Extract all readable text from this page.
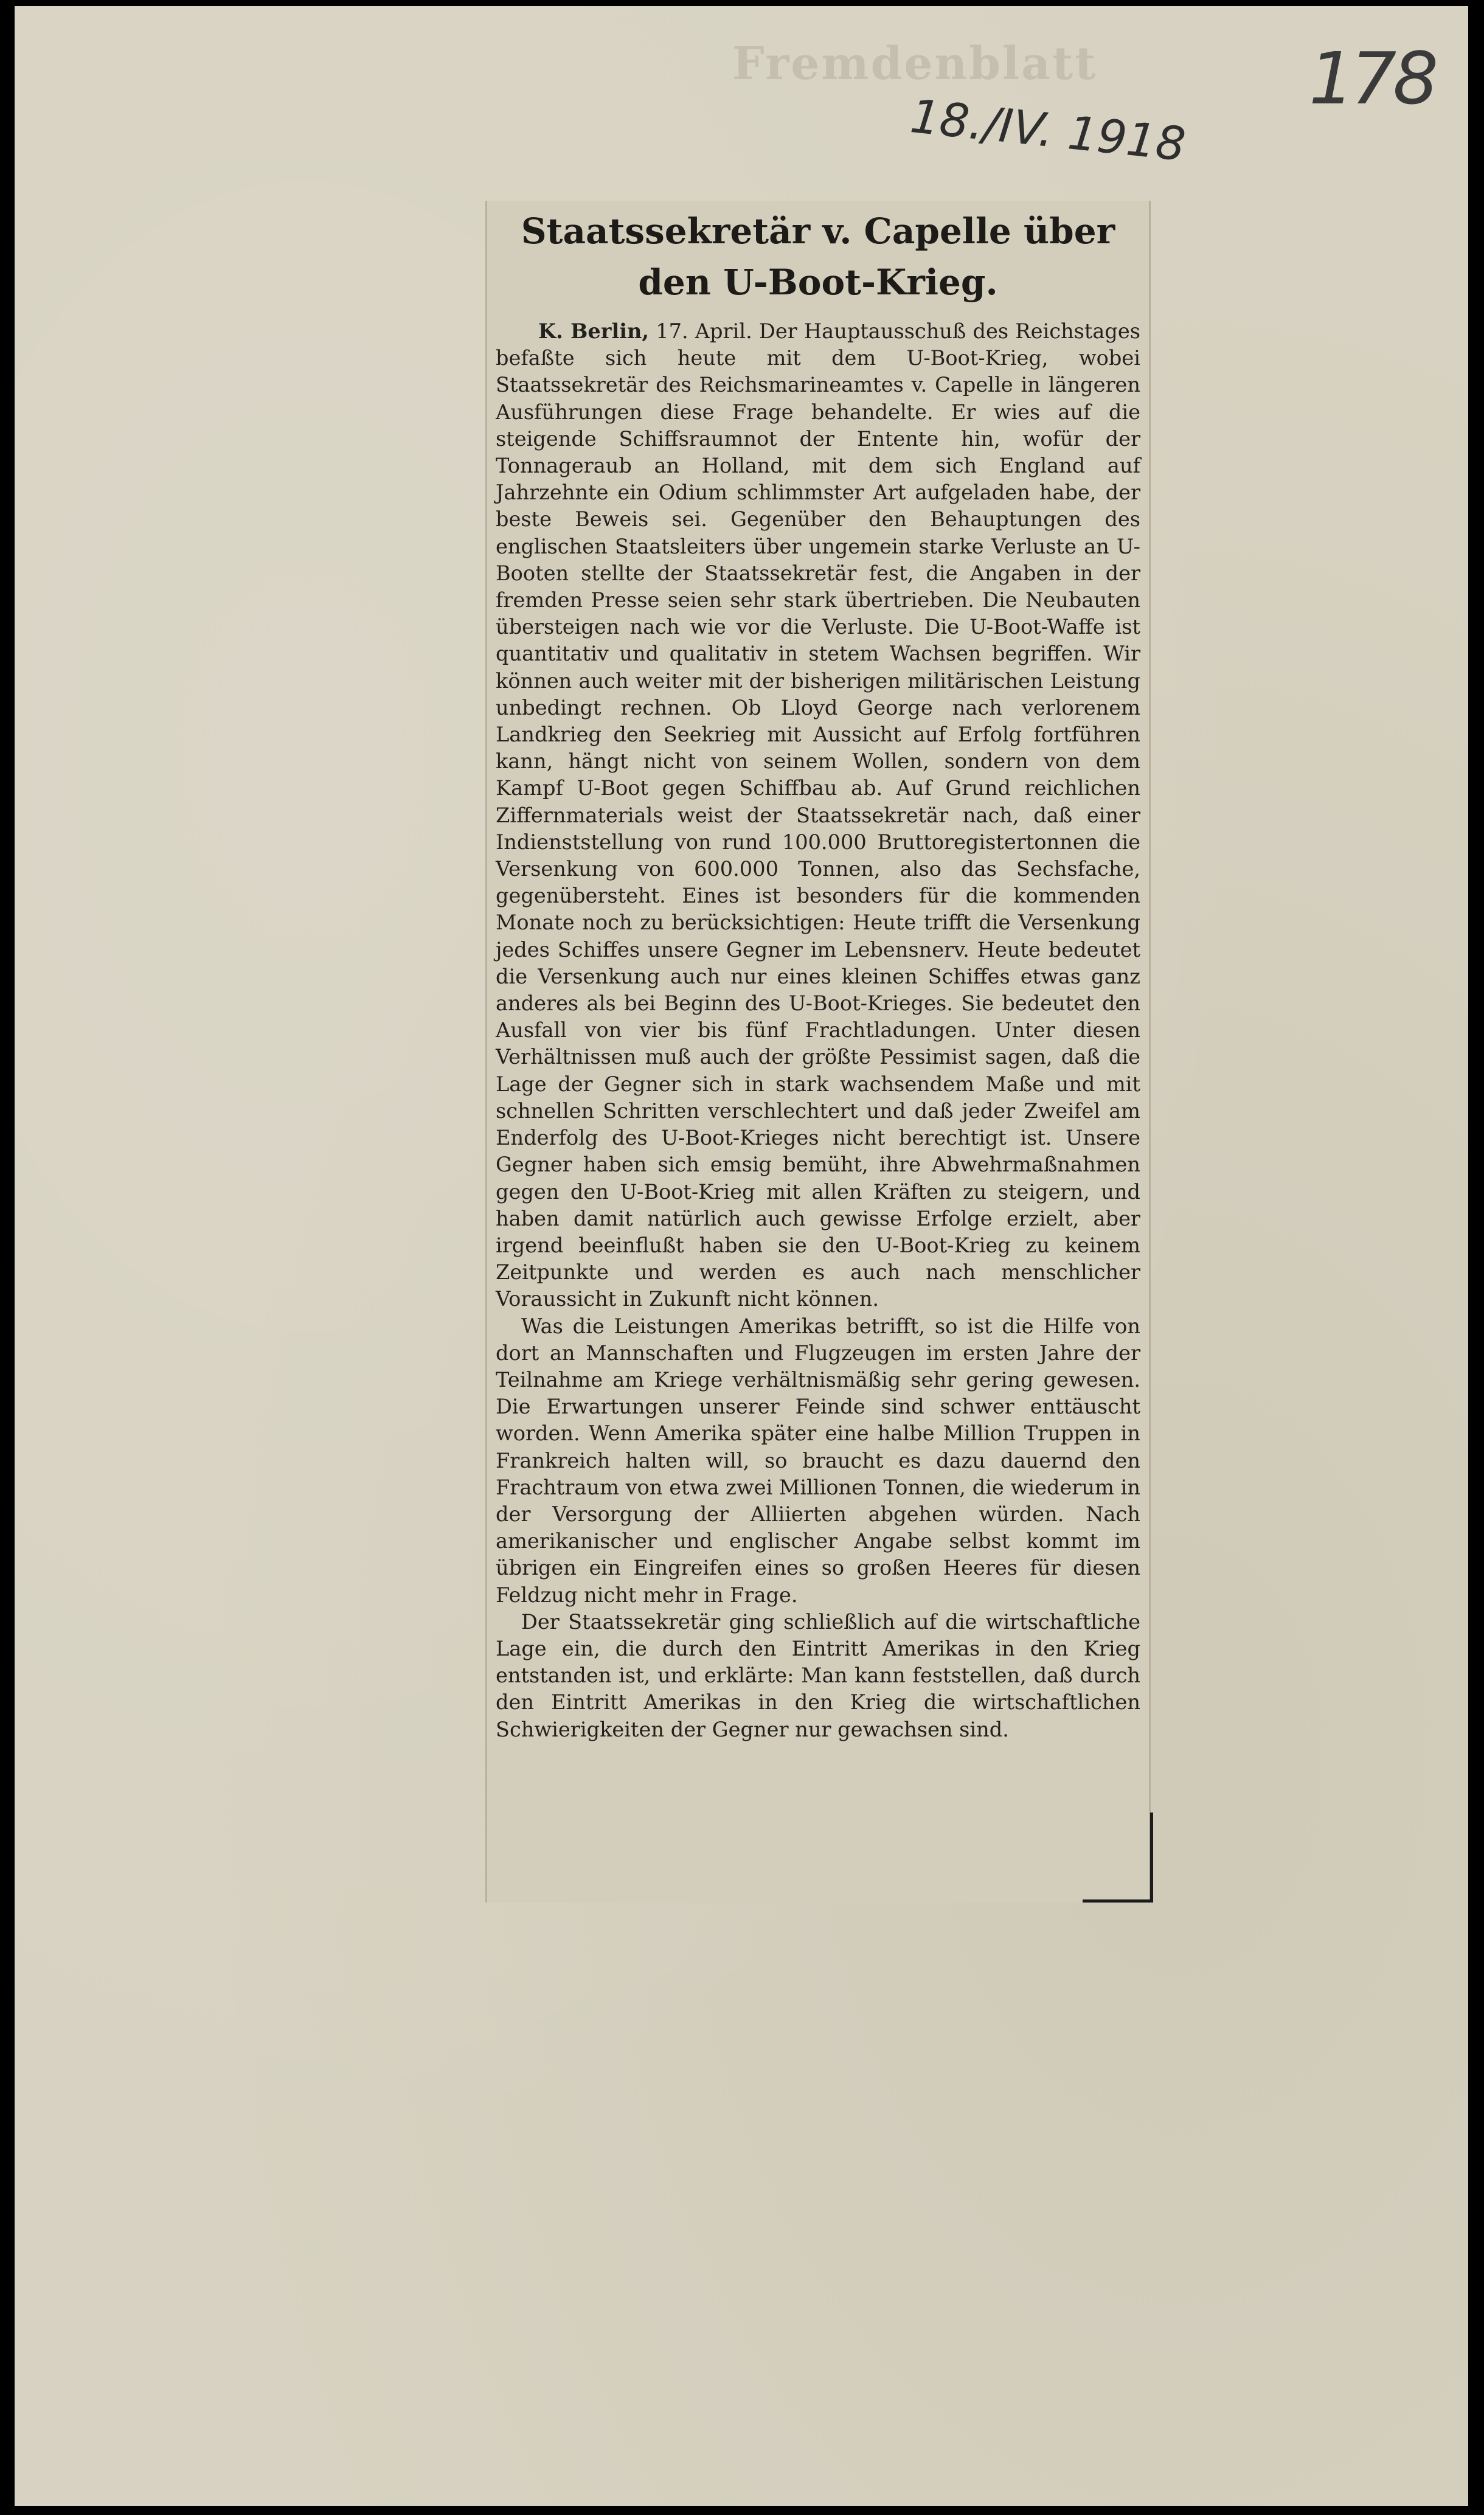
Fremdenblatt	178
18./IV. 1918
Staatssekretär v. Capelle über den U-Boot-Krieg.

K. Berlin, 17. April. Der Hauptausschuß des Reichstages befaßte sich heute mit dem U-Boot-Krieg, wobei Staatssekretär des Reichsmarineamtes v. Capelle in längeren Ausführungen diese Frage behandelte. Er wies auf die steigende Schiffsraumnot der Entente hin, wofür der Tonnageraub an Holland, mit dem sich England auf Jahrzehnte ein Odium schlimmster Art aufgeladen habe, der beste Beweis sei. Gegenüber den Behauptungen des englischen Staatsleiters über ungemein starke Verluste an U-Booten stellte der Staatssekretär fest, die Angaben in der fremden Presse seien sehr stark übertrieben. Die Neubauten übersteigen nach wie vor die Verluste. Die U-Boot-Waffe ist quantitativ und qualitativ in stetem Wachsen begriffen. Wir können auch weiter mit der bisherigen militärischen Leistung unbedingt rechnen. Ob Lloyd George nach verlorenem Landkrieg den Seekrieg mit Aussicht auf Erfolg fortführen kann, hängt nicht von seinem Wollen, sondern von dem Kampf U-Boot gegen Schiffbau ab. Auf Grund reichlichen Ziffernmaterials weist der Staatssekretär nach, daß einer Indienststellung von rund 100.000 Bruttoregistertonnen die Versenkung von 600.000 Tonnen, also das Sechsfache, gegenübersteht. Eines ist besonders für die kommenden Monate noch zu berücksichtigen: Heute trifft die Versenkung jedes Schiffes unsere Gegner im Lebensnerv. Heute bedeutet die Versenkung auch nur eines kleinen Schiffes etwas ganz anderes als bei Beginn des U-Boot-Krieges. Sie bedeutet den Ausfall von vier bis fünf Frachtladungen. Unter diesen Verhältnissen muß auch der größte Pessimist sagen, daß die Lage der Gegner sich in stark wachsendem Maße und mit schnellen Schritten verschlechtert und daß jeder Zweifel am Enderfolg des U-Boot-Krieges nicht berechtigt ist. Unsere Gegner haben sich emsig bemüht, ihre Abwehrmaßnahmen gegen den U-Boot-Krieg mit allen Kräften zu steigern, und haben damit natürlich auch gewisse Erfolge erzielt, aber irgend beeinflußt haben sie den U-Boot-Krieg zu keinem Zeitpunkte und werden es auch nach menschlicher Voraussicht in Zukunft nicht können.

Was die Leistungen Amerikas betrifft, so ist die Hilfe von dort an Mannschaften und Flugzeugen im ersten Jahre der Teilnahme am Kriege verhältnismäßig sehr gering gewesen. Die Erwartungen unserer Feinde sind schwer enttäuscht worden. Wenn Amerika später eine halbe Million Truppen in Frankreich halten will, so braucht es dazu dauernd den Frachtraum von etwa zwei Millionen Tonnen, die wiederum in der Versorgung der Alliierten abgehen würden. Nach amerikanischer und englischer Angabe selbst kommt im übrigen ein Eingreifen eines so großen Heeres für diesen Feldzug nicht mehr in Frage.

Der Staatssekretär ging schließlich auf die wirtschaftliche Lage ein, die durch den Eintritt Amerikas in den Krieg entstanden ist, und erklärte: Man kann feststellen, daß durch den Eintritt Amerikas in den Krieg die wirtschaftlichen Schwierigkeiten der Gegner nur gewachsen sind.
